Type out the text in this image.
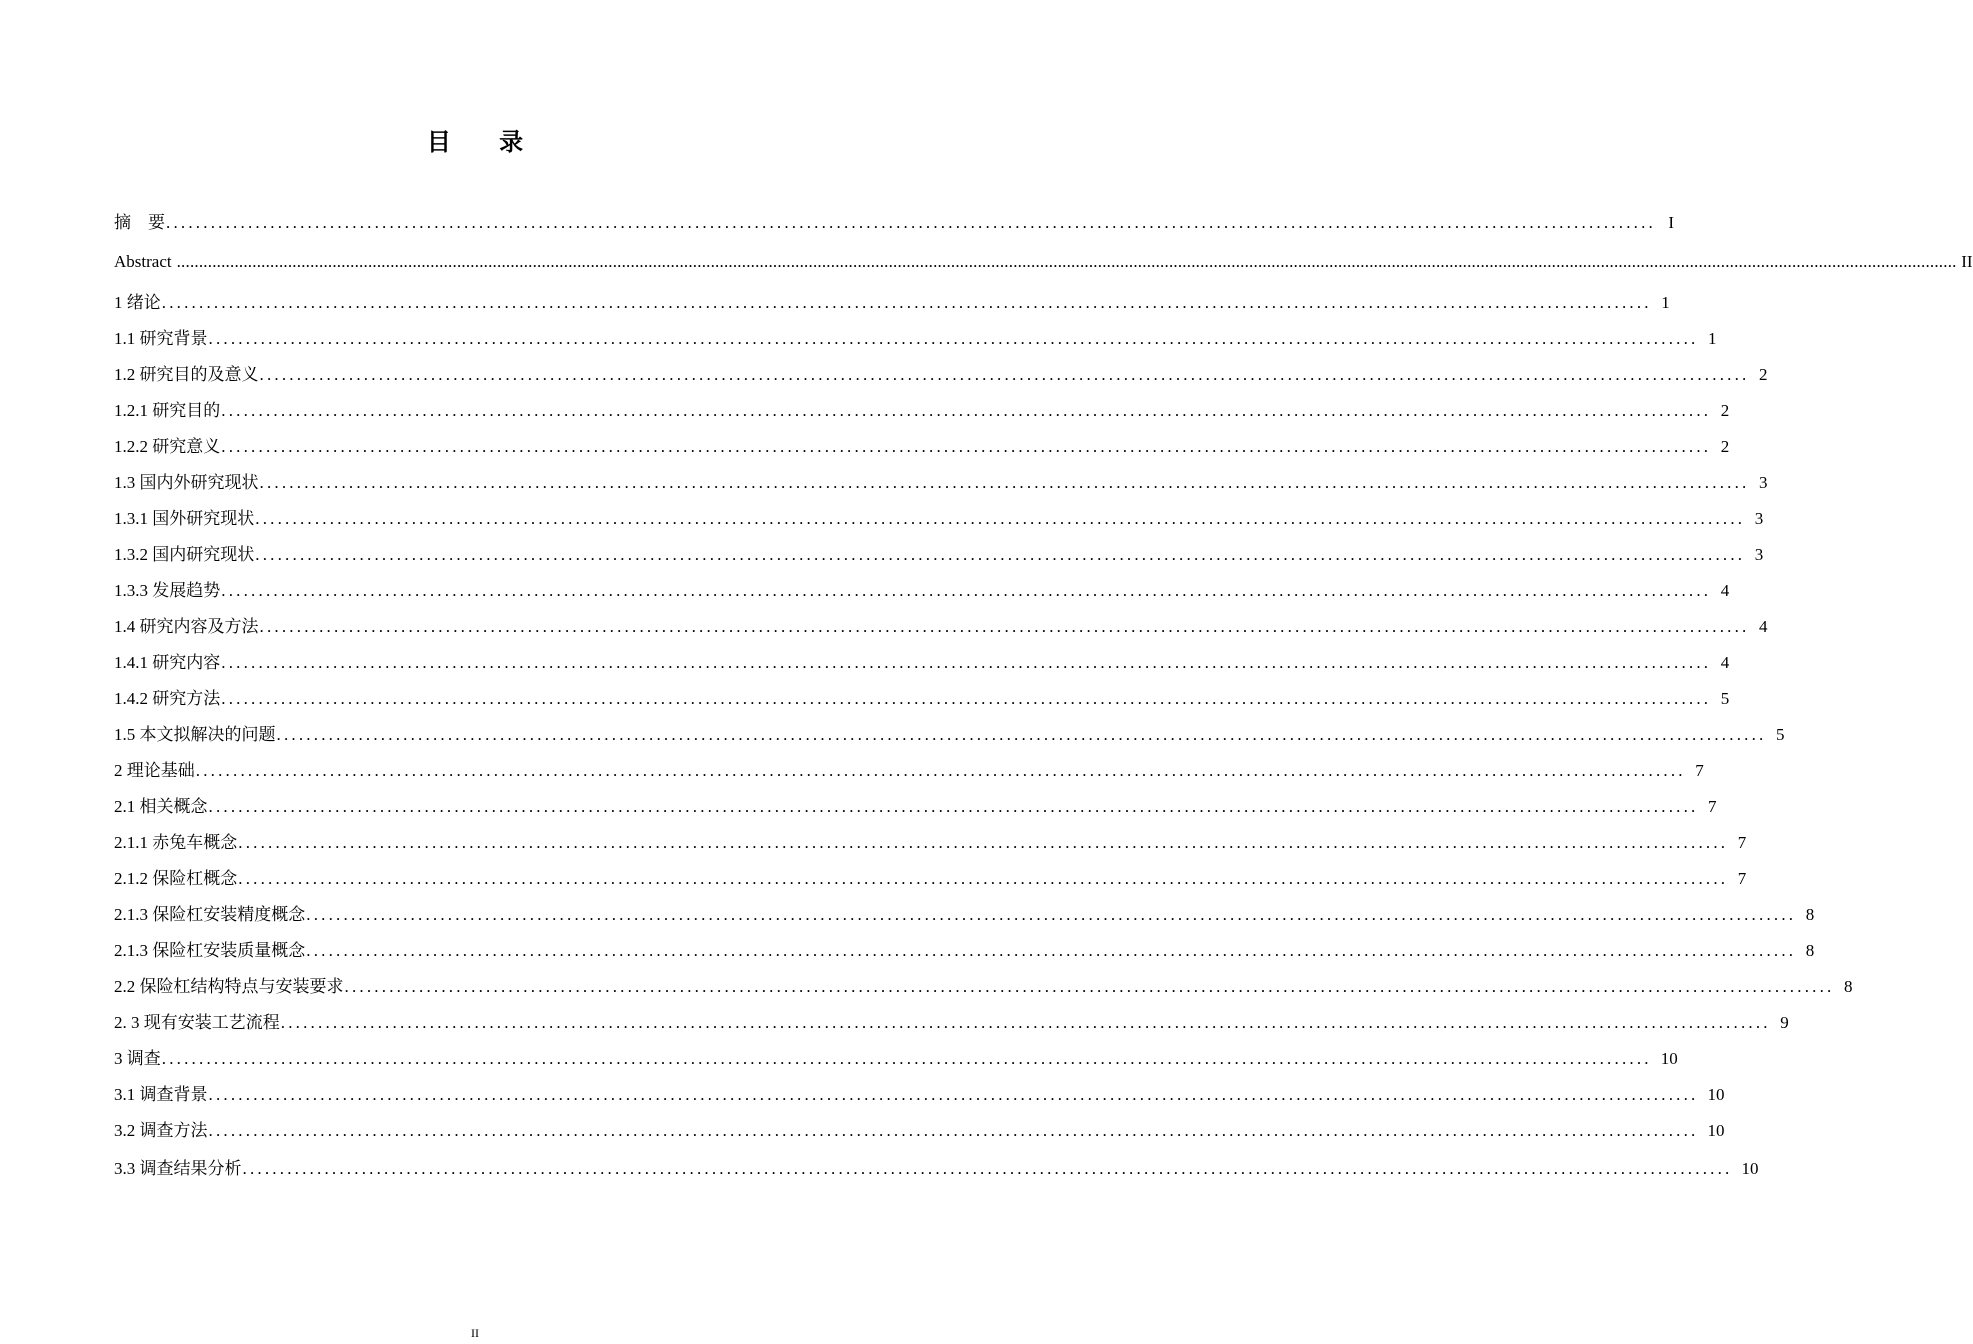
目 录
摘　要 ........................................................................................................................................................................................................ I
Abstract ................................................................................................................................................................................................................................................................................................................................................................................................................ II
1 绪论 ........................................................................................................................................................................................................ 1
1.1 研究背景 ........................................................................................................................................................................................................ 1
1.2 研究目的及意义 ........................................................................................................................................................................................................ 2
1.2.1 研究目的 ........................................................................................................................................................................................................ 2
1.2.2 研究意义 ........................................................................................................................................................................................................ 2
1.3 国内外研究现状 ........................................................................................................................................................................................................ 3
1.3.1 国外研究现状 ........................................................................................................................................................................................................ 3
1.3.2 国内研究现状 ........................................................................................................................................................................................................ 3
1.3.3 发展趋势 ........................................................................................................................................................................................................ 4
1.4 研究内容及方法 ........................................................................................................................................................................................................ 4
1.4.1 研究内容 ........................................................................................................................................................................................................ 4
1.4.2 研究方法 ........................................................................................................................................................................................................ 5
1.5 本文拟解决的问题 ........................................................................................................................................................................................................ 5
2 理论基础 ........................................................................................................................................................................................................ 7
2.1 相关概念 ........................................................................................................................................................................................................ 7
2.1.1 赤兔车概念 ........................................................................................................................................................................................................ 7
2.1.2 保险杠概念 ........................................................................................................................................................................................................ 7
2.1.3 保险杠安装精度概念 ........................................................................................................................................................................................................ 8
2.1.3 保险杠安装质量概念 ........................................................................................................................................................................................................ 8
2.2 保险杠结构特点与安装要求 ........................................................................................................................................................................................................ 8
2. 3 现有安装工艺流程 ........................................................................................................................................................................................................ 9
3 调查 ........................................................................................................................................................................................................ 10
3.1 调查背景 ........................................................................................................................................................................................................ 10
3.2 调查方法 ........................................................................................................................................................................................................ 10
3.3 调查结果分析 ........................................................................................................................................................................................................ 10
II
